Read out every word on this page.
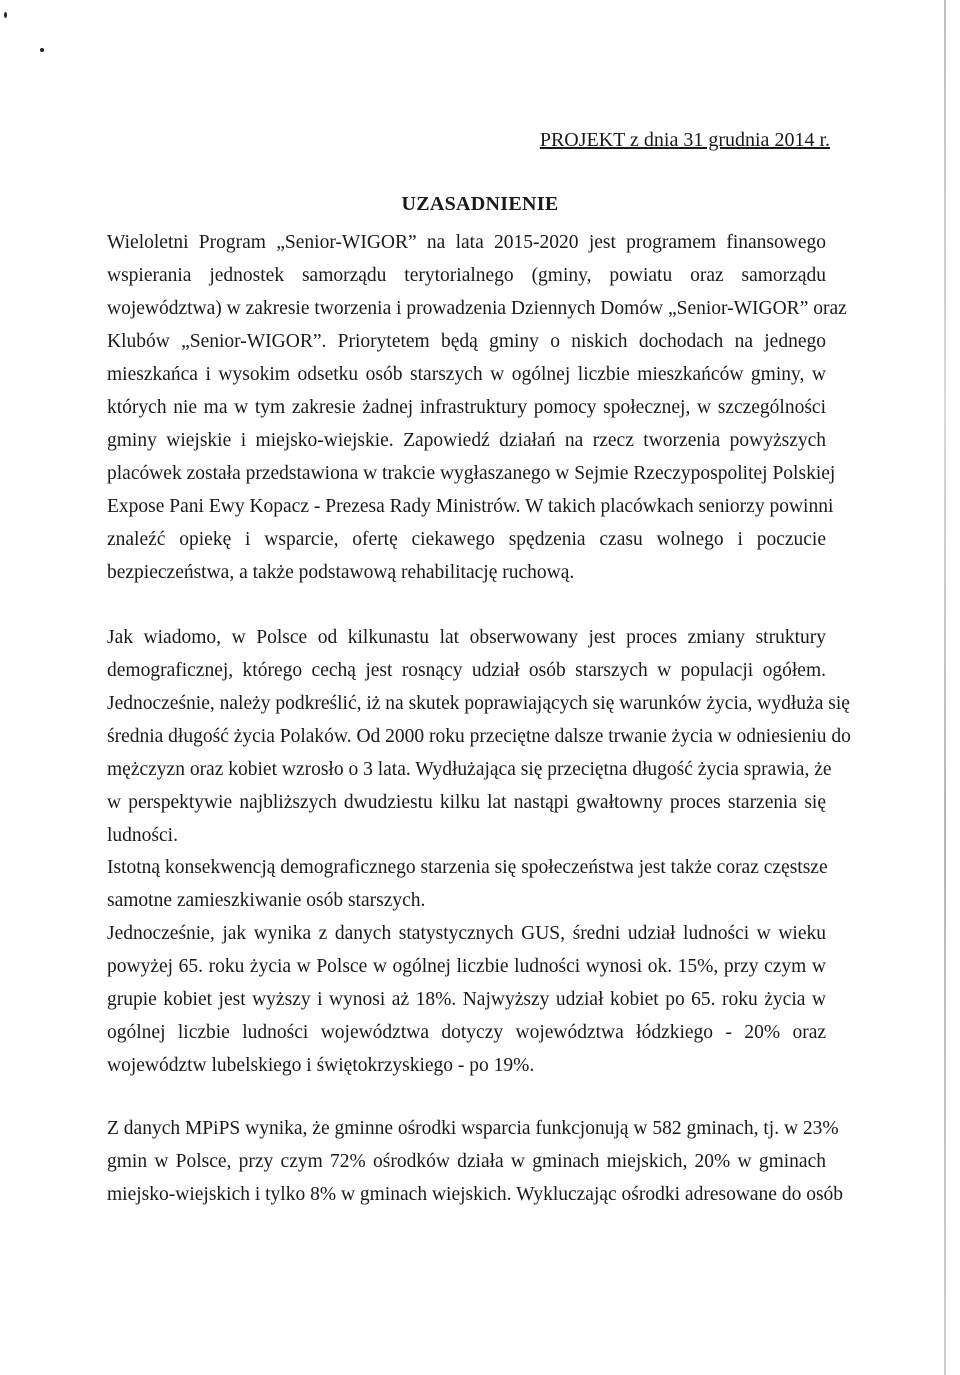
PROJEKT z dnia 31 grudnia 2014 r.
UZASADNIENIE
Wieloletni Program „Senior-WIGOR” na lata 2015-2020 jest programem finansowego
wspierania jednostek samorządu terytorialnego (gminy, powiatu oraz samorządu
województwa) w zakresie tworzenia i prowadzenia Dziennych Domów „Senior-WIGOR” oraz
Klubów „Senior-WIGOR”. Priorytetem będą gminy o niskich dochodach na jednego
mieszkańca i wysokim odsetku osób starszych w ogólnej liczbie mieszkańców gminy, w
których nie ma w tym zakresie żadnej infrastruktury pomocy społecznej, w szczególności
gminy wiejskie i miejsko-wiejskie. Zapowiedź działań na rzecz tworzenia powyższych
placówek została przedstawiona w trakcie wygłaszanego w Sejmie Rzeczypospolitej Polskiej
Expose Pani Ewy Kopacz - Prezesa Rady Ministrów. W takich placówkach seniorzy powinni
znaleźć opiekę i wsparcie, ofertę ciekawego spędzenia czasu wolnego i poczucie
bezpieczeństwa, a także podstawową rehabilitację ruchową.
Jak wiadomo, w Polsce od kilkunastu lat obserwowany jest proces zmiany struktury
demograficznej, którego cechą jest rosnący udział osób starszych w populacji ogółem.
Jednocześnie, należy podkreślić, iż na skutek poprawiających się warunków życia, wydłuża się
średnia długość życia Polaków. Od 2000 roku przeciętne dalsze trwanie życia w odniesieniu do
mężczyzn oraz kobiet wzrosło o 3 lata. Wydłużająca się przeciętna długość życia sprawia, że
w perspektywie najbliższych dwudziestu kilku lat nastąpi gwałtowny proces starzenia się
ludności.
Istotną konsekwencją demograficznego starzenia się społeczeństwa jest także coraz częstsze
samotne zamieszkiwanie osób starszych.
Jednocześnie, jak wynika z danych statystycznych GUS, średni udział ludności w wieku
powyżej 65. roku życia w Polsce w ogólnej liczbie ludności wynosi ok. 15%, przy czym w
grupie kobiet jest wyższy i wynosi aż 18%. Najwyższy udział kobiet po 65. roku życia w
ogólnej liczbie ludności województwa dotyczy województwa łódzkiego - 20% oraz
województw lubelskiego i świętokrzyskiego - po 19%.
Z danych MPiPS wynika, że gminne ośrodki wsparcia funkcjonują w 582 gminach, tj. w 23%
gmin w Polsce, przy czym 72% ośrodków działa w gminach miejskich, 20% w gminach
miejsko-wiejskich i tylko 8% w gminach wiejskich. Wykluczając ośrodki adresowane do osób
